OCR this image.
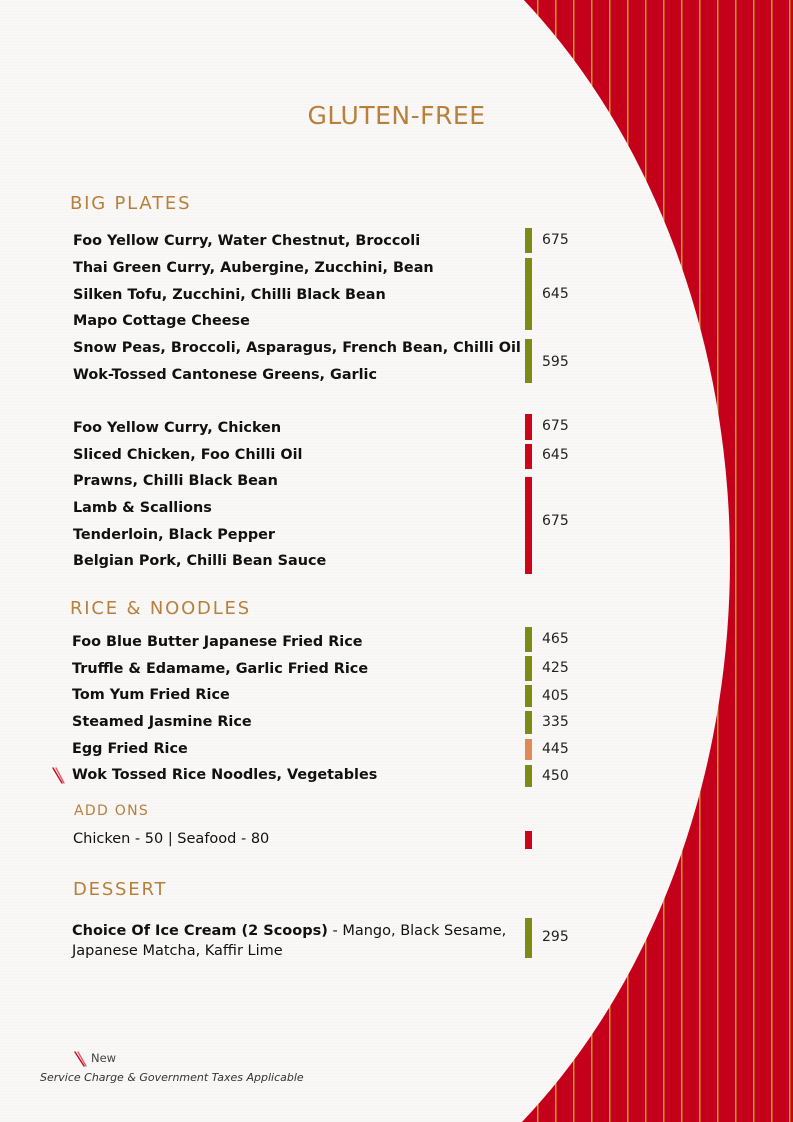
GLUTEN-FREE
BIG PLATES
Foo Yellow Curry, Water Chestnut, Broccoli
Thai Green Curry, Aubergine, Zucchini, Bean
Silken Tofu, Zucchini, Chilli Black Bean
Mapo Cottage Cheese
Snow Peas, Broccoli, Asparagus, French Bean, Chilli Oil
Wok-Tossed Cantonese Greens, Garlic
675
645
595
Foo Yellow Curry, Chicken
Sliced Chicken, Foo Chilli Oil
Prawns, Chilli Black Bean
Lamb & Scallions
Tenderloin, Black Pepper
Belgian Pork, Chilli Bean Sauce
675
645
675
RICE & NOODLES
Foo Blue Butter Japanese Fried Rice
Truffle & Edamame, Garlic Fried Rice
Tom Yum Fried Rice
Steamed Jasmine Rice
Egg Fried Rice
Wok Tossed Rice Noodles, Vegetables
465
425
405
335
445
450
ADD ONS
Chicken - 50 | Seafood - 80
DESSERT
Choice Of Ice Cream (2 Scoops) - Mango, Black Sesame, Japanese Matcha, Kaffir Lime
295
New
Service Charge & Government Taxes Applicable
